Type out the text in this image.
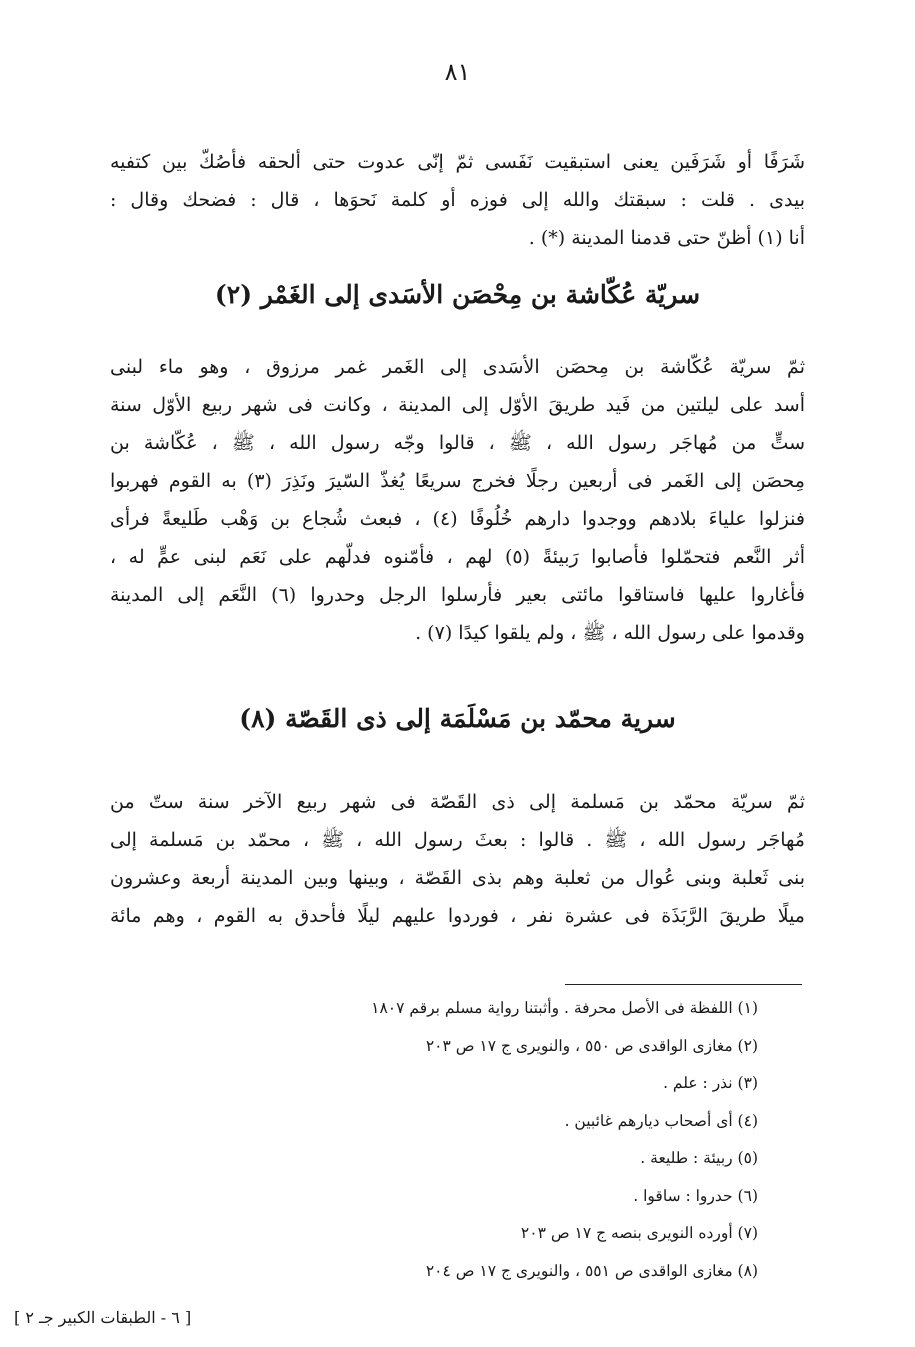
٨١
شَرَفًا أو شَرَفَين يعنى استبقيت نَفَسى ثمّ إنّى عدوت حتى ألحقه فأصُكّ بين كتفيه
بيدى . قلت : سبقتك والله إلى فوزه أو كلمة نَحوَها ، قال : فضحك وقال :
أنا (١) أظنّ حتى قدمنا المدينة (*) .
سريّة عُكّاشة بن مِحْصَن الأسَدى إلى الغَمْر (٢)
ثمّ سريّة عُكّاشة بن مِحصَن الأسَدى إلى الغَمر غمر مرزوق ، وهو ماء لبنى
أسد على ليلتين من فَيد طريقَ الأوّل إلى المدينة ، وكانت فى شهر ربيع الأوّل سنة
ستٍّ من مُهاجَر رسول الله ، ﷺ ، قالوا وجّه رسول الله ، ﷺ ، عُكّاشة بن
مِحصَن إلى الغَمر فى أربعين رجلًا فخرج سريعًا يُغذّ السّيرَ ونَذِرَ (٣) به القوم فهربوا
فنزلوا علياءَ بلادهم ووجدوا دارهم خُلُوفًا (٤) ، فبعث شُجاع بن وَهْب طَليعةً فرأى
أثر النَّعم فتحمّلوا فأصابوا رَبيئةً (٥) لهم ، فأمّنوه فدلّهم على نَعَم لبنى عمٍّ له ،
فأغاروا عليها فاستاقوا مائتى بعير فأرسلوا الرجل وحدروا (٦) النَّعَم إلى المدينة
وقدموا على رسول الله ، ﷺ ، ولم يلقوا كيدًا (٧) .
سرية محمّد بن مَسْلَمَة إلى ذى القَصّة (٨)
ثمّ سريّة محمّد بن مَسلمة إلى ذى القَصّة فى شهر ربيع الآخر سنة ستّ من
مُهاجَر رسول الله ، ﷺ . قالوا : بعثَ رسول الله ، ﷺ ، محمّد بن مَسلمة إلى
بنى ثَعلبة وبنى عُوال من ثعلبة وهم بذى القَصّة ، وبينها وبين المدينة أربعة وعشرون
ميلًا طريقَ الرَّبَذَة فى عشرة نفر ، فوردوا عليهم ليلًا فأحدق به القوم ، وهم مائة
(١) اللفظة فى الأصل محرفة . وأثبتنا رواية مسلم برقم ١٨٠٧
(٢) مغازى الواقدى ص ٥٥٠ ، والنويرى ج ١٧ ص ٢٠٣
(٣) نذر : علم .
(٤) أى أصحاب ديارهم غائبين .
(٥) ربيئة : طليعة .
(٦) حدروا : ساقوا .
(٧) أورده النويرى بنصه ج ١٧ ص ٢٠٣
(٨) مغازى الواقدى ص ٥٥١ ، والنويرى ج ١٧ ص ٢٠٤
[ ٦ - الطبقات الكبير جـ ٢ ]
